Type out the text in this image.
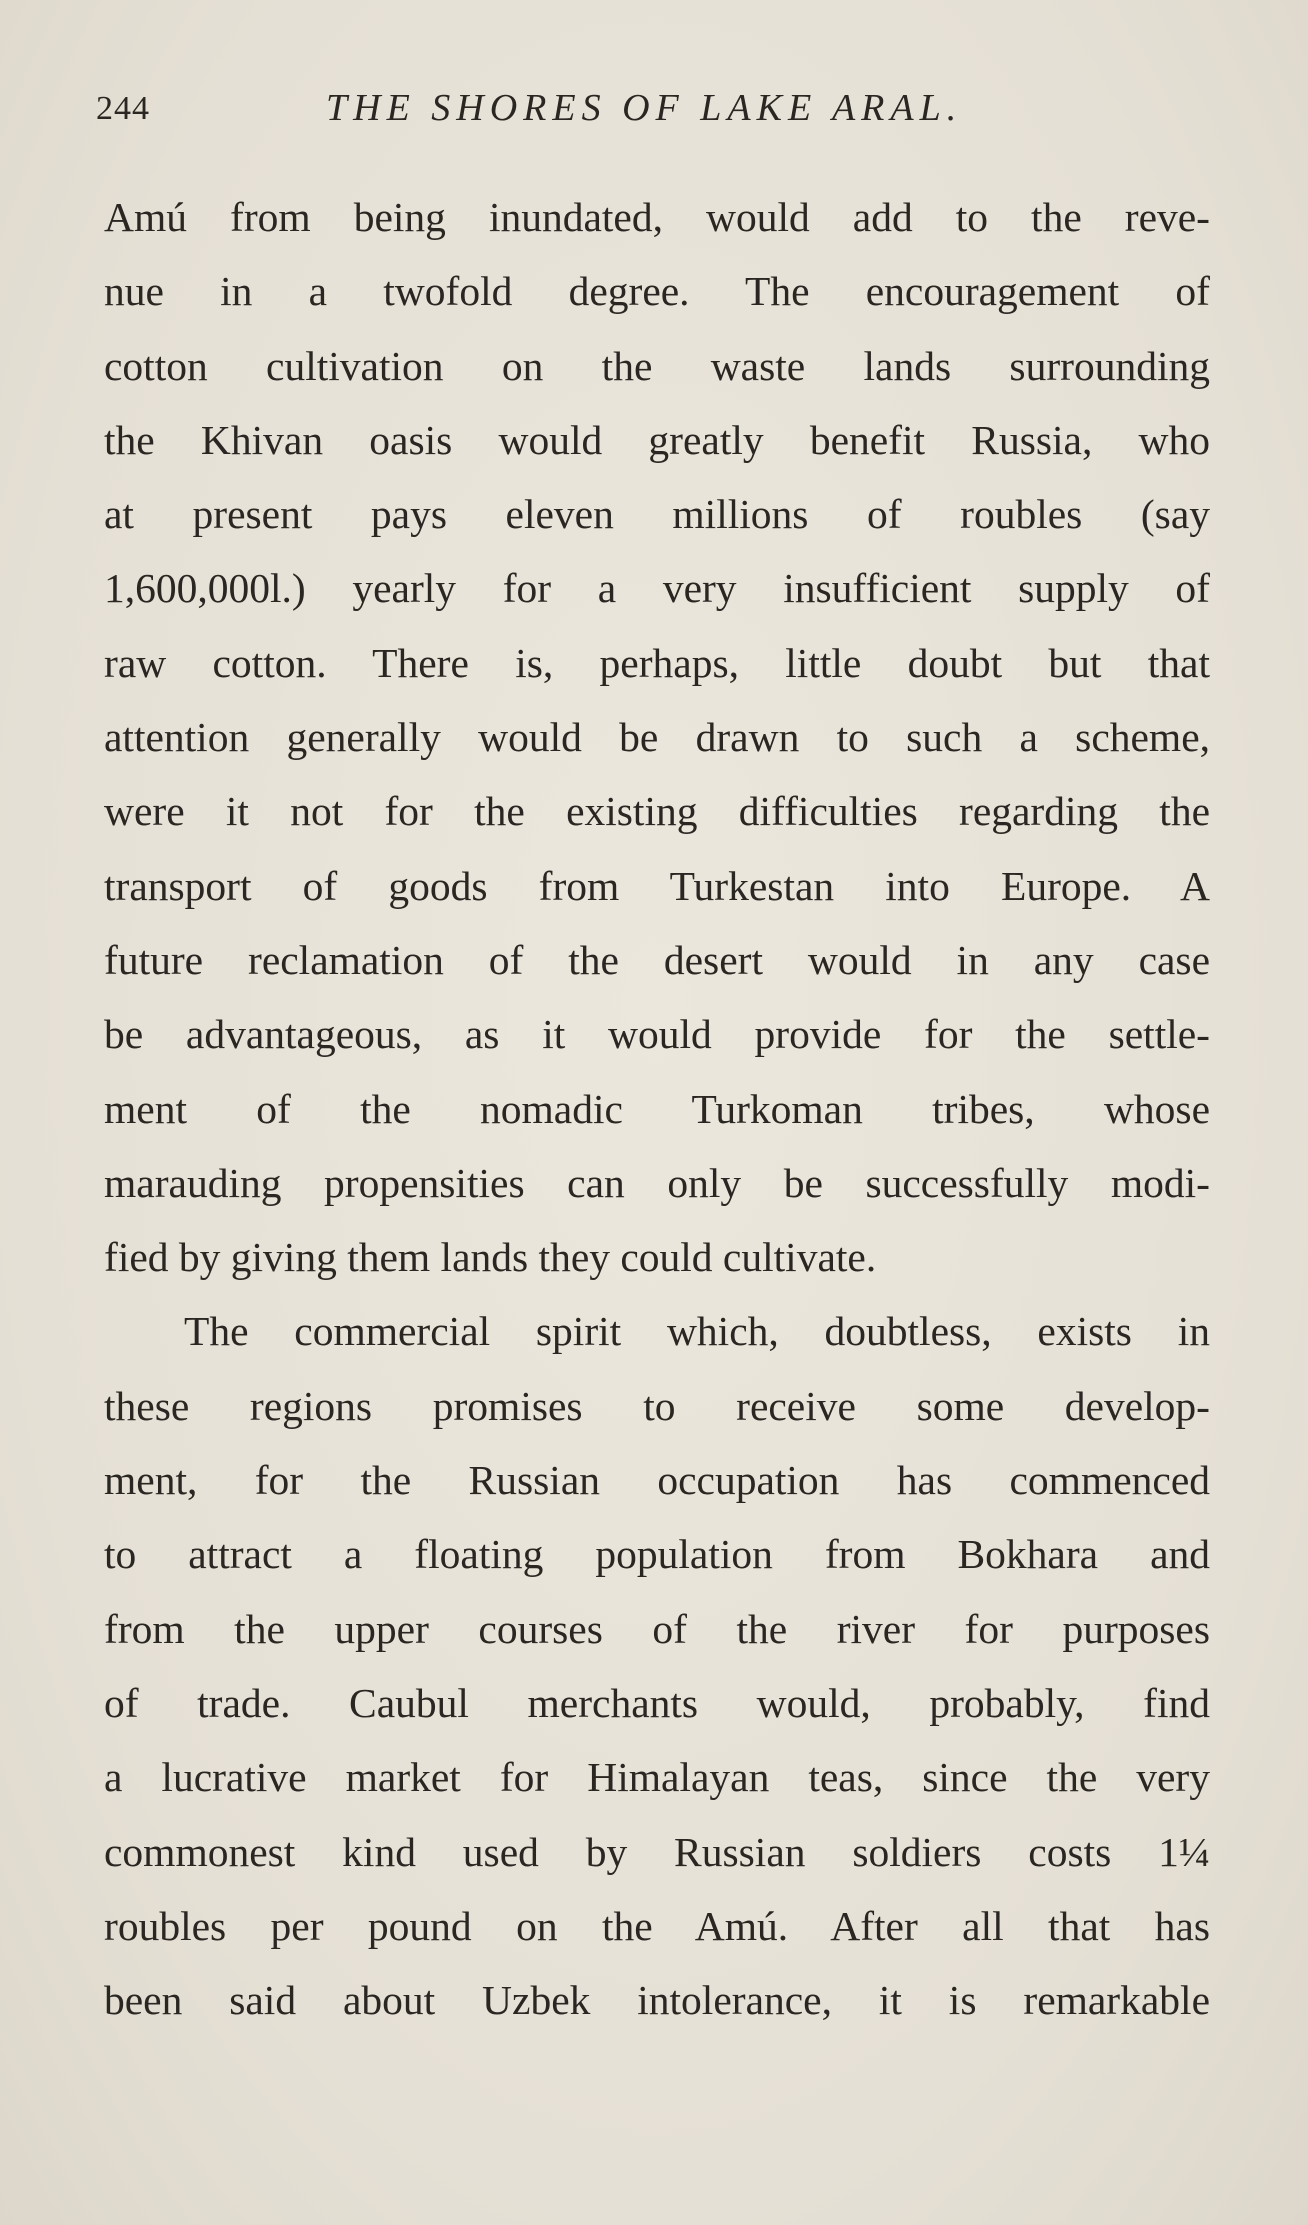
244	THE SHORES OF LAKE ARAL.
Amú from being inundated, would add to the reve-
nue in a twofold degree. The encouragement of
cotton cultivation on the waste lands surrounding
the Khivan oasis would greatly benefit Russia, who
at present pays eleven millions of roubles (say
1,600,000l.) yearly for a very insufficient supply of
raw cotton. There is, perhaps, little doubt but that
attention generally would be drawn to such a scheme,
were it not for the existing difficulties regarding the
transport of goods from Turkestan into Europe. A
future reclamation of the desert would in any case
be advantageous, as it would provide for the settle-
ment of the nomadic Turkoman tribes, whose
marauding propensities can only be successfully modi-
fied by giving them lands they could cultivate.
The commercial spirit which, doubtless, exists in
these regions promises to receive some develop-
ment, for the Russian occupation has commenced
to attract a floating population from Bokhara and
from the upper courses of the river for purposes
of trade. Caubul merchants would, probably, find
a lucrative market for Himalayan teas, since the very
commonest kind used by Russian soldiers costs 1¼
roubles per pound on the Amú. After all that has
been said about Uzbek intolerance, it is remarkable
